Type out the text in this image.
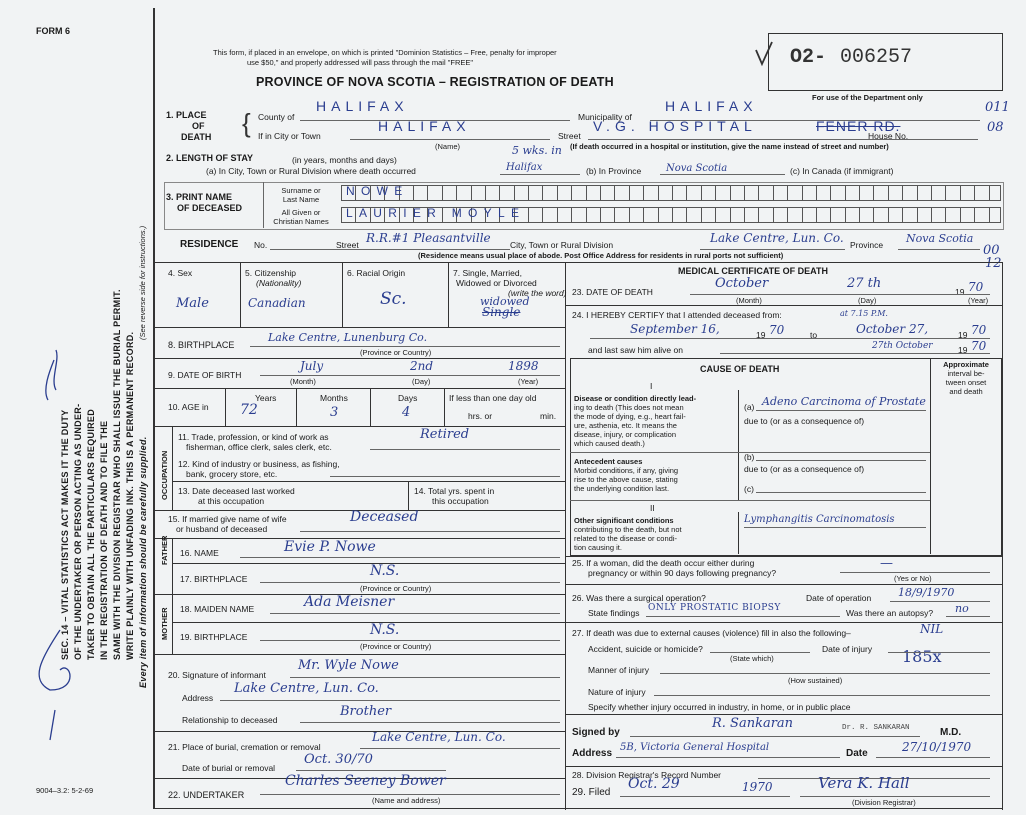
FORM 6
SEC. 14 – VITAL STATISTICS ACT MAKES IT THE DUTY OF THE UNDERTAKER OR PERSON ACTING AS UNDER- TAKER TO OBTAIN ALL THE PARTICULARS REQUIRED IN THE REGISTRATION OF DEATH AND TO FILE THE SAME WITH THE DIVISION REGISTRAR WHO SHALL ISSUE THE BURIAL PERMIT. WRITE PLAINLY WITH UNFADING INK. THIS IS A PERMANENT RECORD. Every item of information should be carefully supplied.
(See reverse side for instructions.)
9004–3.2: 5-2-69
This form, if placed in an envelope, on which is printed "Dominion Statistics – Free, penalty for improper
use $50," and properly addressed will pass through the mail "FREE"
PROVINCE OF NOVA SCOTIA – REGISTRATION OF DEATH
O2- 006257
For use of the Department only
011
08
00
12
1. PLACE
OF
DEATH { County of
HALIFAX
Municipality of
HALIFAX
If in City or Town
HALIFAX
(Name)
Street
V.G. HOSPITAL	FENER RD.
House No.
(If death occurred in a hospital or institution, give the name instead of street and number)
2. LENGTH OF STAY	(in years, months and days)
(a) In City, Town or Rural Division where death occurred
5 wks. in
Halifax	(b) In Province Nova Scotia	(c) In Canada (if immigrant)
3. PRINT NAME
OF DECEASED
Surname or
Last Name
All Given or
Christian Names
NOWE
LAURIER MOYLE
RESIDENCE No.	Street R.R.#1 Pleasantville City, Town or Rural Division	Lake Centre, Lun. Co. Province Nova Scotia
(Residence means usual place of abode. Post Office Address for residents in rural ports not sufficient)
4. Sex
Male
5. Citizenship
(Nationality)
Canadian
6. Racial Origin
Sc.
7. Single, Married,
Widowed or Divorced
(write the word)
widowed
Single
8. BIRTHPLACE
Lake Centre, Lunenburg Co.
(Province or Country)
9. DATE OF BIRTH
July	2nd	1898
(Month)	(Day)	(Year)
10. AGE in
Years
72
Months
3
Days
4
If less than one day old
hrs. or	min.
OCCUPATION
11. Trade, profession, or kind of work as
fisherman, office clerk, sales clerk, etc.
Retired
12. Kind of industry or business, as fishing,
bank, grocery store, etc.
13. Date deceased last worked
at this occupation
14. Total yrs. spent in
this occupation
15. If married give name of wife
or husband of deceased
Deceased
FATHER 16. NAME	Evie P. Nowe
17. BIRTHPLACE	N.S.
(Province or Country)
MOTHER 18. MAIDEN NAME	Ada Meisner
19. BIRTHPLACE	N.S.
(Province or Country)
20. Signature of informant
Mr. Wyle Nowe
Address
Lake Centre, Lun. Co.
Relationship to deceased
Brother
21. Place of burial, cremation or removal
Lake Centre, Lun. Co.
Date of burial or removal
Oct. 30/70
22. UNDERTAKER
Charles Seeney Bower
(Name and address)
MEDICAL CERTIFICATE OF DEATH
23. DATE OF DEATH
October	27 th
19 70
(Month)	(Day)	(Year)
24. I HEREBY CERTIFY that I attended deceased from:	at 7.15 P.M.
September 16,	19 70	to	October 27,	19 70
and last saw him alive on	27th October	19 70
CAUSE OF DEATH	Approximate
interval be-
tween onset
and death
I
Disease or condition directly lead-
ing to death (This does not mean
the mode of dying, e.g., heart fail-
ure, asthenia, etc. It means the
disease, injury, or complication
which caused death.)
(a) Adeno Carcinoma of Prostate
due to (or as a consequence of)
Antecedent causes
Morbid conditions, if any, giving
rise to the above cause, stating
the underlying condition last.
(b)
due to (or as a consequence of)
(c)
II
Other significant conditions
contributing to the death, but not
related to the disease or condi-
tion causing it.
Lymphangitis Carcinomatosis
25. If a woman, did the death occur either during
pregnancy or within 90 days following pregnancy?
—
(Yes or No)
26. Was there a surgical operation?	Date of operation 18/9/1970
State findings ONLY PROSTATIC BIOPSY	Was there an autopsy? no
27. If death was due to external causes (violence) fill in also the following–	NIL
Accident, suicide or homicide?	Date of injury 185x
(State which)
Manner of injury
(How sustained)
Nature of injury
Specify whether injury occurred in industry, in home, or in public place
Signed by
R. Sankaran	Dr. R. SANKARAN	M.D.
Address
5B, Victoria General Hospital
Date	27/10/1970
28. Division Registrar's Record Number
29. Filed
Oct. 29	1970	Vera K. Hall
(Division Registrar)
